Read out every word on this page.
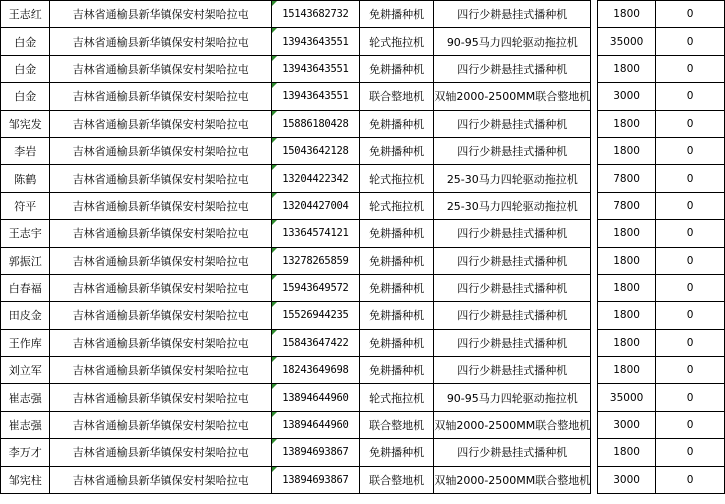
王志红	吉林省通榆县新华镇保安村架哈拉屯	15143682732	免耕播种机	四行少耕悬挂式播种机		1800	0
白金	吉林省通榆县新华镇保安村架哈拉屯	13943643551	轮式拖拉机	90-95马力四轮驱动拖拉机		35000	0
白金	吉林省通榆县新华镇保安村架哈拉屯	13943643551	免耕播种机	四行少耕悬挂式播种机		1800	0
白金	吉林省通榆县新华镇保安村架哈拉屯	13943643551	联合整地机	双轴2000-2500MM联合整地机		3000	0
邹宪发	吉林省通榆县新华镇保安村架哈拉屯	15886180428	免耕播种机	四行少耕悬挂式播种机		1800	0
李岩	吉林省通榆县新华镇保安村架哈拉屯	15043642128	免耕播种机	四行少耕悬挂式播种机		1800	0
陈鹤	吉林省通榆县新华镇保安村架哈拉屯	13204422342	轮式拖拉机	25-30马力四轮驱动拖拉机		7800	0
符平	吉林省通榆县新华镇保安村架哈拉屯	13204427004	轮式拖拉机	25-30马力四轮驱动拖拉机		7800	0
王志宇	吉林省通榆县新华镇保安村架哈拉屯	13364574121	免耕播种机	四行少耕悬挂式播种机		1800	0
郭振江	吉林省通榆县新华镇保安村架哈拉屯	13278265859	免耕播种机	四行少耕悬挂式播种机		1800	0
白春福	吉林省通榆县新华镇保安村架哈拉屯	15943649572	免耕播种机	四行少耕悬挂式播种机		1800	0
田皮金	吉林省通榆县新华镇保安村架哈拉屯	15526944235	免耕播种机	四行少耕悬挂式播种机		1800	0
王作库	吉林省通榆县新华镇保安村架哈拉屯	15843647422	免耕播种机	四行少耕悬挂式播种机		1800	0
刘立军	吉林省通榆县新华镇保安村架哈拉屯	18243649698	免耕播种机	四行少耕悬挂式播种机		1800	0
崔志强	吉林省通榆县新华镇保安村架哈拉屯	13894644960	轮式拖拉机	90-95马力四轮驱动拖拉机		35000	0
崔志强	吉林省通榆县新华镇保安村架哈拉屯	13894644960	联合整地机	双轴2000-2500MM联合整地机		3000	0
李万才	吉林省通榆县新华镇保安村架哈拉屯	13894693867	免耕播种机	四行少耕悬挂式播种机		1800	0
邹宪柱	吉林省通榆县新华镇保安村架哈拉屯	13894693867	联合整地机	双轴2000-2500MM联合整地机		3000	0
